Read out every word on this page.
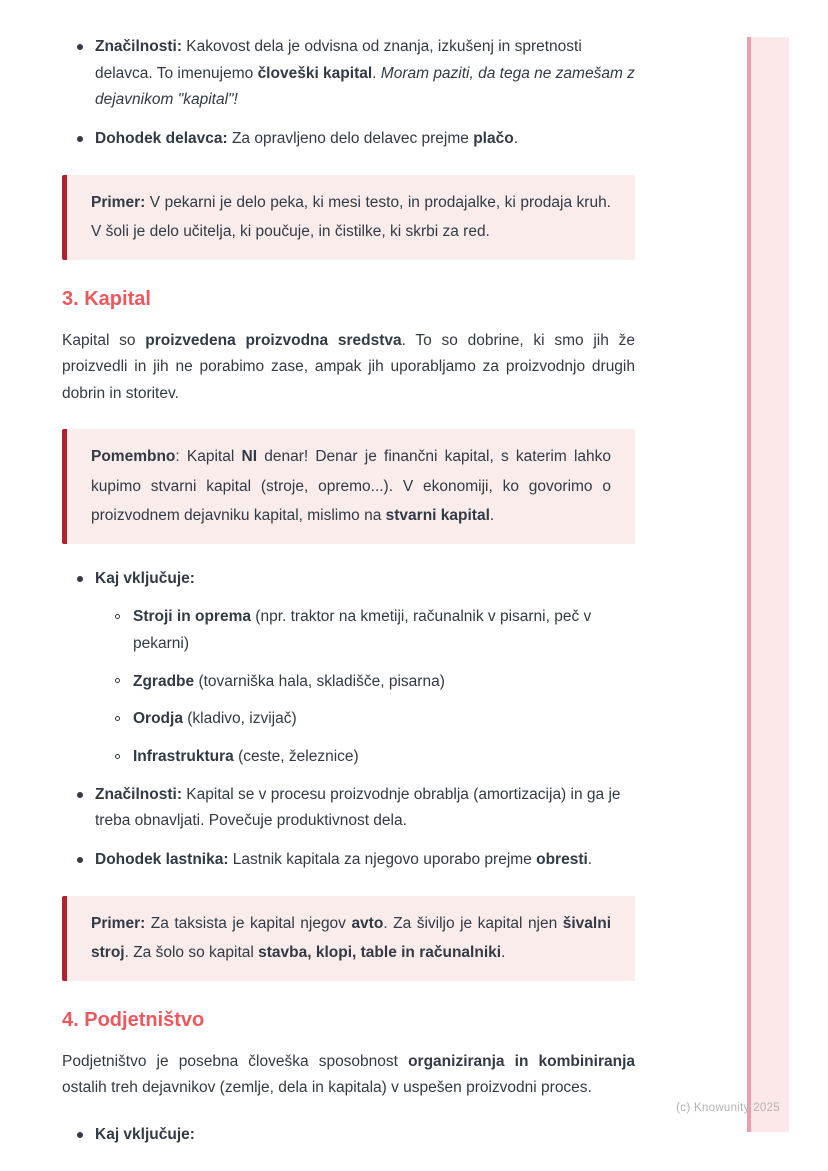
Značilnosti: Kakovost dela je odvisna od znanja, izkušenj in spretnosti delavca. To imenujemo človeški kapital. Moram paziti, da tega ne zamešam z dejavnikom "kapital"!
Dohodek delavca: Za opravljeno delo delavec prejme plačo.

Primer: V pekarni je delo peka, ki mesi testo, in prodajalke, ki prodaja kruh. V šoli je delo učitelja, ki poučuje, in čistilke, ki skrbi za red.

3. Kapital

Kapital so proizvedena proizvodna sredstva. To so dobrine, ki smo jih že proizvedli in jih ne porabimo zase, ampak jih uporabljamo za proizvodnjo drugih dobrin in storitev.

Pomembno: Kapital NI denar! Denar je finančni kapital, s katerim lahko kupimo stvarni kapital (stroje, opremo...). V ekonomiji, ko govorimo o proizvodnem dejavniku kapital, mislimo na stvarni kapital.

Kaj vključuje:
Stroji in oprema (npr. traktor na kmetiji, računalnik v pisarni, peč v pekarni)
Zgradbe (tovarniška hala, skladišče, pisarna)
Orodja (kladivo, izvijač)
Infrastruktura (ceste, železnice)
Značilnosti: Kapital se v procesu proizvodnje obrablja (amortizacija) in ga je treba obnavljati. Povečuje produktivnost dela.
Dohodek lastnika: Lastnik kapitala za njegovo uporabo prejme obresti.

Primer: Za taksista je kapital njegov avto. Za šiviljo je kapital njen šivalni stroj. Za šolo so kapital stavba, klopi, table in računalniki.

4. Podjetništvo

Podjetništvo je posebna človeška sposobnost organiziranja in kombiniranja ostalih treh dejavnikov (zemlje, dela in kapitala) v uspešen proizvodni proces.

Kaj vključuje:
(c) Knowunity 2025
